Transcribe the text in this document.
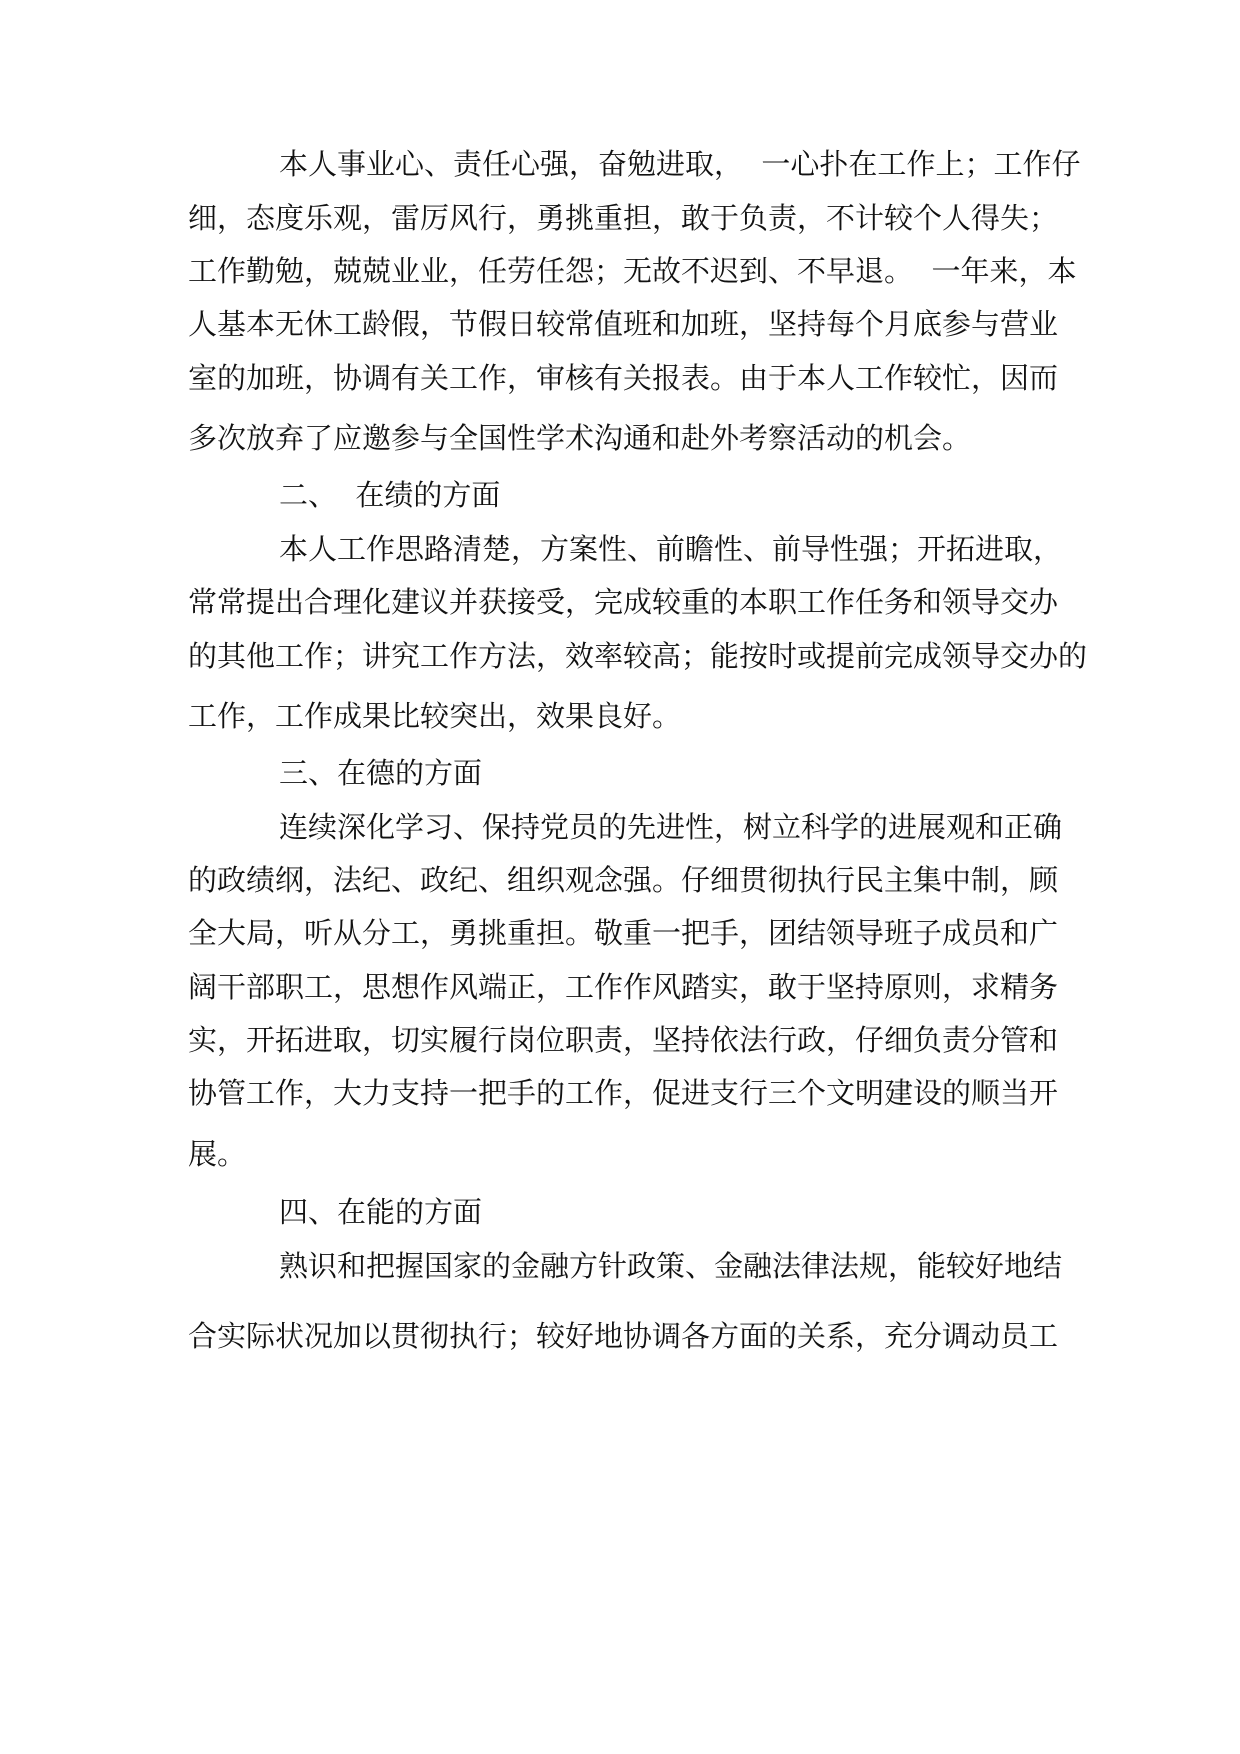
本人事业心、责任心强，奋勉进取，  一心扑在工作上；工作仔
细，态度乐观，雷厉风行，勇挑重担，敢于负责，不计较个人得失；
工作勤勉，兢兢业业，任劳任怨；无故不迟到、不早退。  一年来，本
人基本无休工龄假，节假日较常值班和加班，坚持每个月底参与营业
室的加班，协调有关工作，审核有关报表。由于本人工作较忙，因而
多次放弃了应邀参与全国性学术沟通和赴外考察活动的机会。
二、  在绩的方面
本人工作思路清楚，方案性、前瞻性、前导性强；开拓进取，
常常提出合理化建议并获接受，完成较重的本职工作任务和领导交办
的其他工作；讲究工作方法，效率较高；能按时或提前完成领导交办的
工作，工作成果比较突出，效果良好。
三、在德的方面
连续深化学习、保持党员的先进性，树立科学的进展观和正确
的政绩纲，法纪、政纪、组织观念强。仔细贯彻执行民主集中制，顾
全大局，听从分工，勇挑重担。敬重一把手，团结领导班子成员和广
阔干部职工，思想作风端正，工作作风踏实，敢于坚持原则，求精务
实，开拓进取，切实履行岗位职责，坚持依法行政，仔细负责分管和
协管工作，大力支持一把手的工作，促进支行三个文明建设的顺当开
展。
四、在能的方面
熟识和把握国家的金融方针政策、金融法律法规，能较好地结
合实际状况加以贯彻执行；较好地协调各方面的关系，充分调动员工
